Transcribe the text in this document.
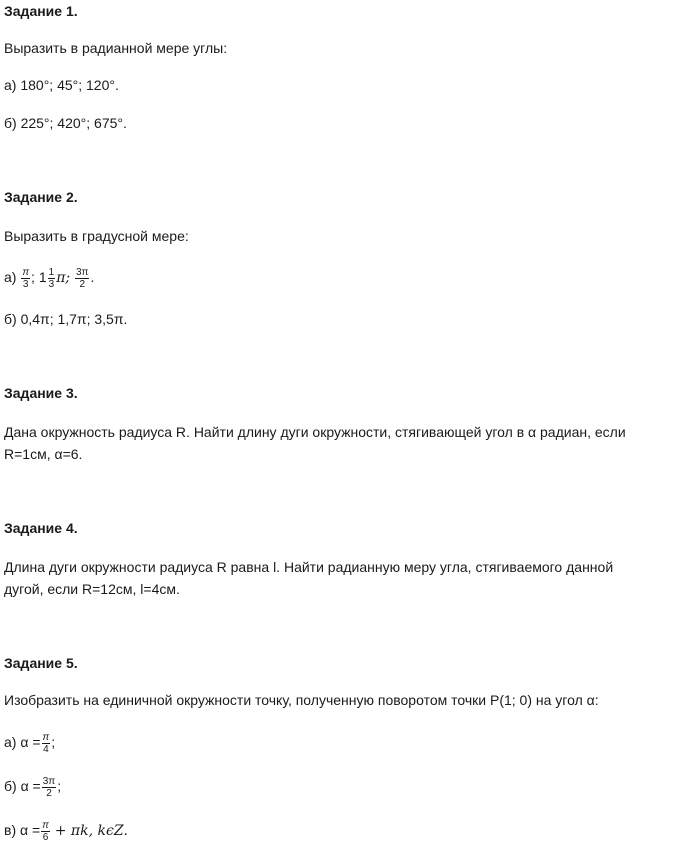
Задание 1.
Выразить в радианной мере углы:
а) 180°; 45°; 120°.
б) 225°; 420°; 675°.
Задание 2.
Выразить в градусной мере:
$а) \frac{\pi}{3}$ ; $1 \frac{1}{3} \pi$; $\frac{3\pi}{2}$ .
б) 0,4π; 1,7π; 3,5π.
Задание 3.
Дана окружность радиуса R. Найти длину дуги окружности, стягивающей угол в α радиан, если
R=1см, α=6.
Задание 4.
Длина дуги окружности радиуса R равна l. Найти радианную меру угла, стягиваемого данной
дугой, если R=12см, l=4см.
Задание 5.
Изобразить на единичной окружности точку, полученную поворотом точки P(1; 0) на угол α:
а) $\alpha = \frac{\pi}{4}$ ;
б) $\alpha = \frac{3\pi}{2}$ ;
в) $\alpha = \frac{\pi}{6} + \pi k$, kϵZ.
